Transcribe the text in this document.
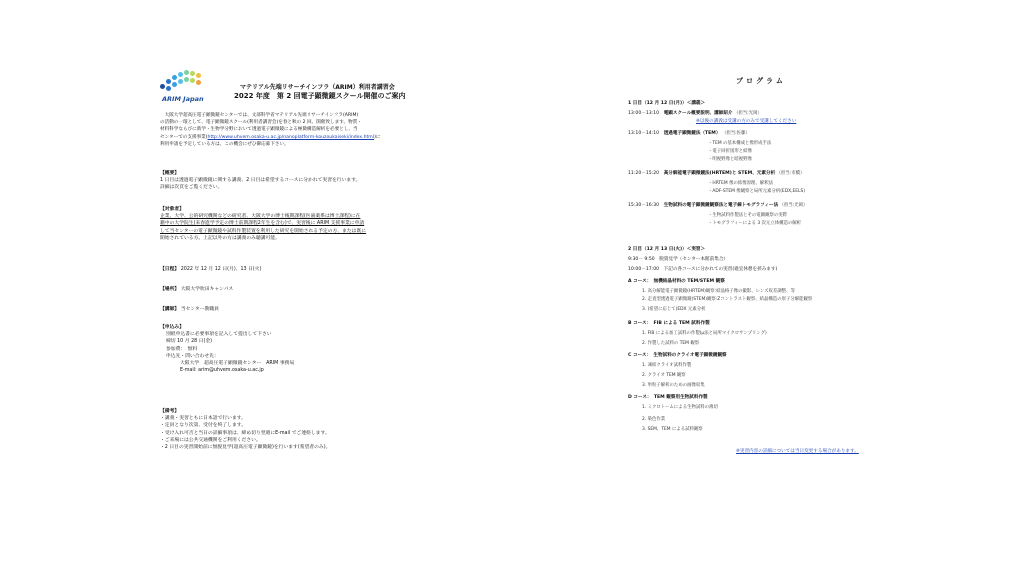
ARIM Japan
マテリアル先端リサーチインフラ（ARIM）利用者講習会
2022 年度　第 2 回電子顕微鏡スクール開催のご案内
　大阪大学超高圧電子顕微鏡センターでは、文部科学省マテリアル先端リサーチインフラ(ARIM)
の活動の一環として、電子顕微鏡スクール(利用者講習会)を春と秋の 2 回、開催致します。物質・
材料科学ならびに新学・生物学分野において透過電子顕微鏡による極微構造解析を必要とし、当
センターでの支援事業(http://www.uhvem.osaka-u.ac.jp/nanoplatform-kouzoukaiseki/index.html)に
利用申請を予定している方は、この機会にぜひ御応募下さい。
【概要】
1 日目は透過電子顕微鏡に関する講義、2 日目は希望するコースに分かれて実習を行います。
詳細は次頁をご覧ください。
【対象者】
企業、大学、公的研究機関などの研究者、大阪大学の博士後期課程(医歯薬系は博士課程)に在
籍中の大学院生(来春進学予定の博士前期課程2年生を含む)で、実習後に ARIM 支援事業に申請
して当センターの電子顕微鏡や試料作製装置を利用した研究を開始される予定の方、または既に
開始されている方。上記以外の方は講義のみ聴講可能。
【日程】 2022 年 12 月 12 日(月)、13 日(火)
【場所】 大阪大学吹田キャンパス
【講師】 当センター教職員
【申込み】
別紙申込書に必要事項を記入して提出して下さい
締切 10 月 28 日(金)
参加費：　無料
申込先・問い合わせ先：
大阪大学　超高圧電子顕微鏡センター　ARIM 事務局
E-mail: arim@uhvem.osaka-u.ac.jp
【備考】
・講義・実習ともに日本語で行います。
・定員となり次第、受付を終了します。
・受け入れ可否と当日の詳細事項は、締め切り翌週にE-mail でご連絡します。
・ご来場には公共交通機関をご利用ください。
・2 日目の実習開始前に無脱見学(超高圧電子顕微鏡)を行います(希望者のみ)。
プログラム
1 日目（12 月 12 日(月)）＜講義＞
13:00－13:10　 電顕スクール概要説明、講師紹介 （担当:光岡）
※以後の講義は受講の方のみで受講してください
13:10－14:10　 透過電子顕微鏡法（TEM） （担当:佐藤）
・TEM の基本構成と像形成手法
・電子回折図形と結像
・明視野像と暗視野像
11:20－15:20　 高分解能電子顕微鏡法(HRTEM)と STEM、元素分析 （担当:市橋）
・HRTEM 像の結像原理、解釈法
・ADF-STEM 像観察と局所元素分析(EDX,EELS)
15:30－16:30　 生物試料の電子顕微鏡観察法と電子線トモグラフィー法 （担当:光岡）
・生物試料作製法とその電顕観察の実際
・トモグラフィーによる 3 次元立体構造の解析
2 日目（12 月 13 日(火)）＜実習＞
9:30－ 9:50　脱資見学（センター本館前集合）
10:00－17:00　下記の各コースに分かれての実習(適宜休憩を挟みます)
A コース：　無機結晶材料の TEM/STEM 観察
1. 高分解能電子顕微鏡(HRTEM)観察:結晶格子像の撮影、レンズ収差調整、等
2. 走査型透過電子顕微鏡(STEM)観察:Zコントラスト観察、結晶構造の原子分解能観察
3. (希望に応じて)EDX 元素分析
B コース：　FIB による TEM 試料作製
1. FIB による加工試料の作製(μ法と局所マイクロサンプリング)
2. 作製した試料の TEM 観察
C コース：　生物試料のクライオ電子顕微鏡観察
1. 凍結クライオ試料作製
2. クライオ TEM 観察
3. 単粒子解析のための画像収集
D コース：　TEM 観察用生物試料作製
1. ミクロトームによる生物試料の薄切
2. 染色作業
3. SEM、TEM による試料観察
※実習内容の詳細については当日変更する場合があります。
